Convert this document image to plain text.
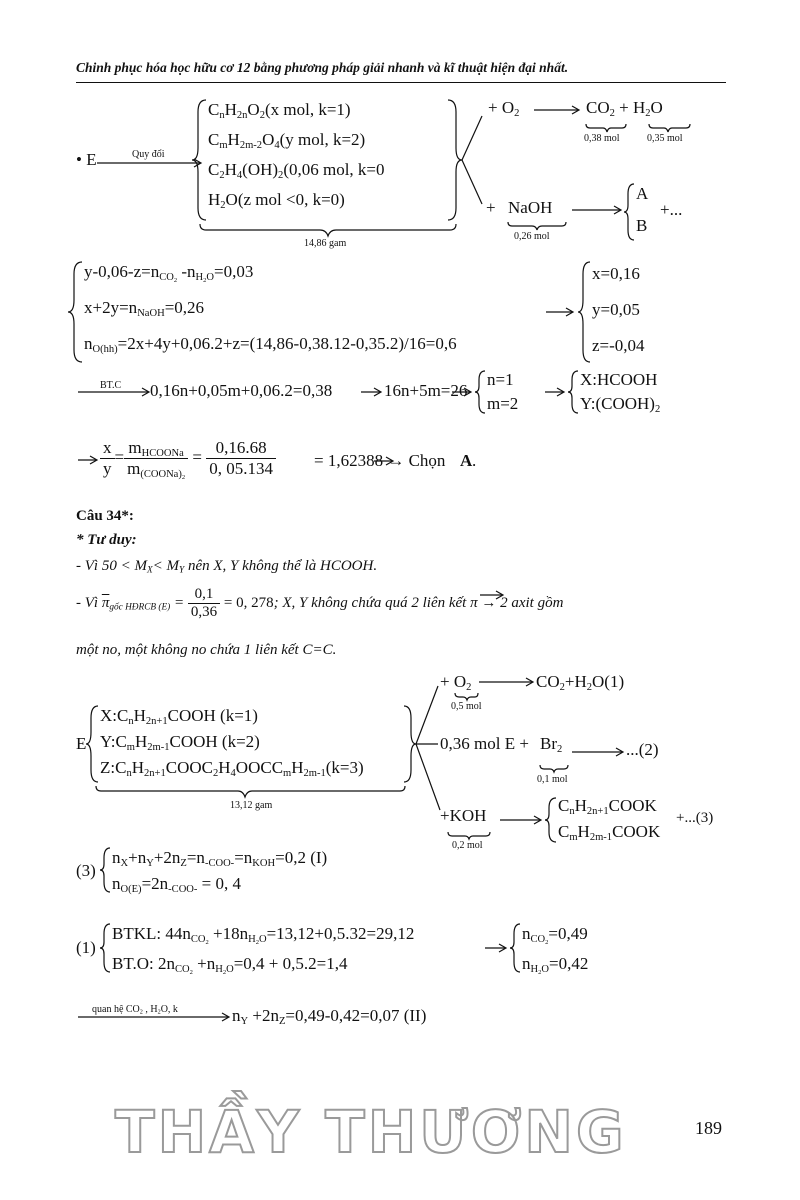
Chinh phục hóa học hữu cơ 12 bằng phương pháp giải nhanh và kĩ thuật hiện đại nhất.
• E	Quy đổi
$C_nH_{2n}O_2(x$ mol, k=1)
$C_mH_{2m-2}O_4(y$ mol, k=2)
$C_2H_4(OH)_2(0,06$ mol, k=0
$H_2O(z$ mol <0, k=0)
14,86 gam
+ $O_2$	$CO_2 + H_2O$
0,38 mol	0,35 mol
+ NaOH
0,26 mol
A
B
+...
$y-0,06-z=n_{CO_2}$ $-n_{H_2O}=0,03$
$x+2y=n_{NaOH}=0,26$
$n_{O(hh)}=2x+4y+0,06.2+z=(14,86-0,38.12-0,35.2)/16=0,6$
x=0,16
y=0,05
z=-0,04
BT.C 0,16n+0,05m+0,06.2=0,38	16n+5m=26
n=1
m=2
X:HCOOH
$Y:(COOH)_2$
$\frac{x}{y} = \frac{m_{HCOONa}}{m_{(COONa)_2}} = \frac{0,16.68}{0, 05.134} = 1,62388$ → Chọn A .
Câu 34*:
* Tư duy:
- Vì $50 < M_X< M_Y$ nên X, Y không thể là HCOOH.
- Vì $\overline{\pi}_{gốc HĐRCB (E)} = \frac{0,1}{0,36} = 0$, 278; X, Y không chứa quá 2 liên kết π → 2 axit gồm
một no, một không no chứa 1 liên kết C=C.
E
$X:C_nH_{2n+1}COOH$ (k=1)
$Y:C_mH_{2m-1}COOH$ (k=2)
$Z:C_nH_{2n+1}COOC_2H_4OOCC_mH_{2m-1}(k=3)$
13,12 gam
+ $O_2$	$CO_2+H_2O(1)$
0,5 mol
0,36 mol $E + Br_2$	...(2)
0,1 mol
+KOH
0,2 mol
$C_nH_{2n+1}COOK$
$C_mH_{2m-1}COOK$
+...(3)
(3)
$n_X+n_Y+2n_Z=n_{-COO-}=n_{KOH}=0,2$ (I)
$n_{O(E)}=2n_{-COO-} = 0$, 4
(1)
BTKL: $44n_{CO_2} +18n_{H_2O}=13,12+0,5.32=29,12$
BT.O: $2n_{CO_2} +n_{H_2O}=0,4 + 0,5.2=1,4$
$n_{CO_2}=0,49$
$n_{H_2O}=0,42$
quan hệ $CO_2$ , $H_2O$, k	$n_Y +2n_Z=0,49-0,42=0,07$ (II)
THẦY THƯƠNG	189
